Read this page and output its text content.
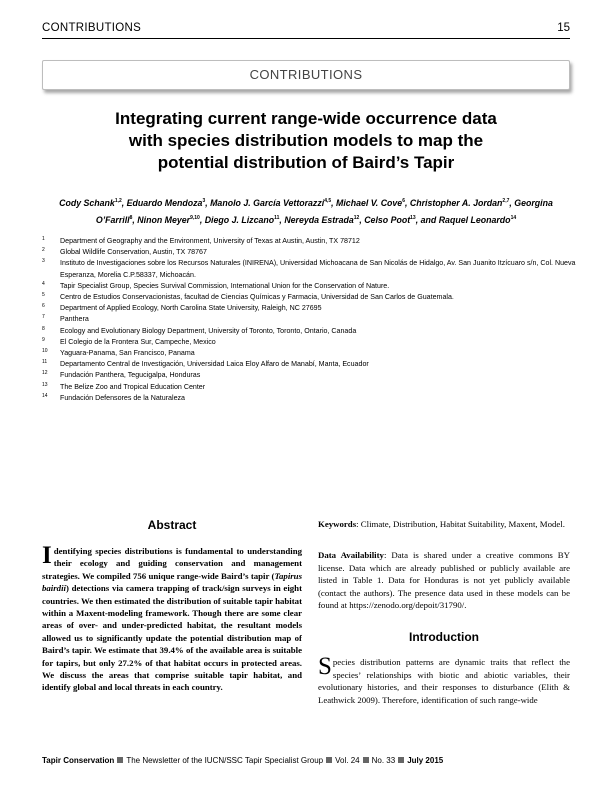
CONTRIBUTIONS	15
CONTRIBUTIONS
Integrating current range-wide occurrence data
with species distribution models to map the
potential distribution of Baird’s Tapir
Cody Schank$^{1,2}$, Eduardo Mendoza$^3$, Manolo J. García Vettorazzi$^{4,5}$, Michael V. Cove$^6$, Christopher A. Jordan$^{2,7}$, Georgina O’Farrill$^8$, Ninon Meyer$^{9,10}$, Diego J. Lizcano$^{11}$, Nereyda Estrada$^{12}$, Celso Poot$^{13}$, and Raquel Leonardo$^{14}$
1 Department of Geography and the Environment, University of Texas at Austin, Austin, TX 78712
2 Global Wildlife Conservation, Austin, TX 78767
3 Instituto de Investigaciones sobre los Recursos Naturales (INIRENA), Universidad Michoacana de San Nicolás de Hidalgo, Av. San Juanito Itzícuaro s/n, Col. Nueva Esperanza, Morelia C.P.58337, Michoacán.
4 Tapir Specialist Group, Species Survival Commission, International Union for the Conservation of Nature.
5 Centro de Estudios Conservacionistas, facultad de Ciencias Químicas y Farmacia, Universidad de San Carlos de Guatemala.
6 Department of Applied Ecology, North Carolina State University, Raleigh, NC 27695
7 Panthera
8 Ecology and Evolutionary Biology Department, University of Toronto, Toronto, Ontario, Canada
9 El Colegio de la Frontera Sur, Campeche, Mexico
10 Yaguara-Panama, San Francisco, Panama
11 Departamento Central de Investigación, Universidad Laica Eloy Alfaro de Manabí, Manta, Ecuador
12 Fundación Panthera, Tegucigalpa, Honduras
13 The Belize Zoo and Tropical Education Center
14 Fundación Defensores de la Naturaleza
Abstract
Identifying species distributions is fundamental to understanding their ecology and guiding conservation and management strategies. We compiled 756 unique range-wide Baird’s tapir (Tapirus bairdii) detections via camera trapping of track/sign surveys in eight countries. We then estimated the distribution of suitable tapir habitat within a Maxent-modeling framework. Though there are some clear areas of over- and under-predicted habitat, the resultant models allowed us to significantly update the potential distribution map of Baird’s tapir. We estimate that 39.4% of the available area is suitable for tapirs, but only 27.2% of that habitat occurs in protected areas. We discuss the areas that comprise suitable tapir habitat, and identify global and local threats in each country.

Keywords: Climate, Distribution, Habitat Suitability, Maxent, Model.

Data Availability: Data is shared under a creative commons BY license. Data which are already published or publicly available are listed in Table 1. Data for Honduras is not yet publicly available (contact the authors). The presence data used in these models can be found at https://zenodo.org/depoit/31790/.

Introduction

Species distribution patterns are dynamic traits that reflect the species’ relationships with biotic and abiotic variables, their evolutionary histories, and their responses to disturbance (Elith & Leathwick 2009). Therefore, identification of such range-wide

Tapir Conservation The Newsletter of the IUCN/SSC Tapir Specialist Group Vol. 24 No. 33 July 2015
